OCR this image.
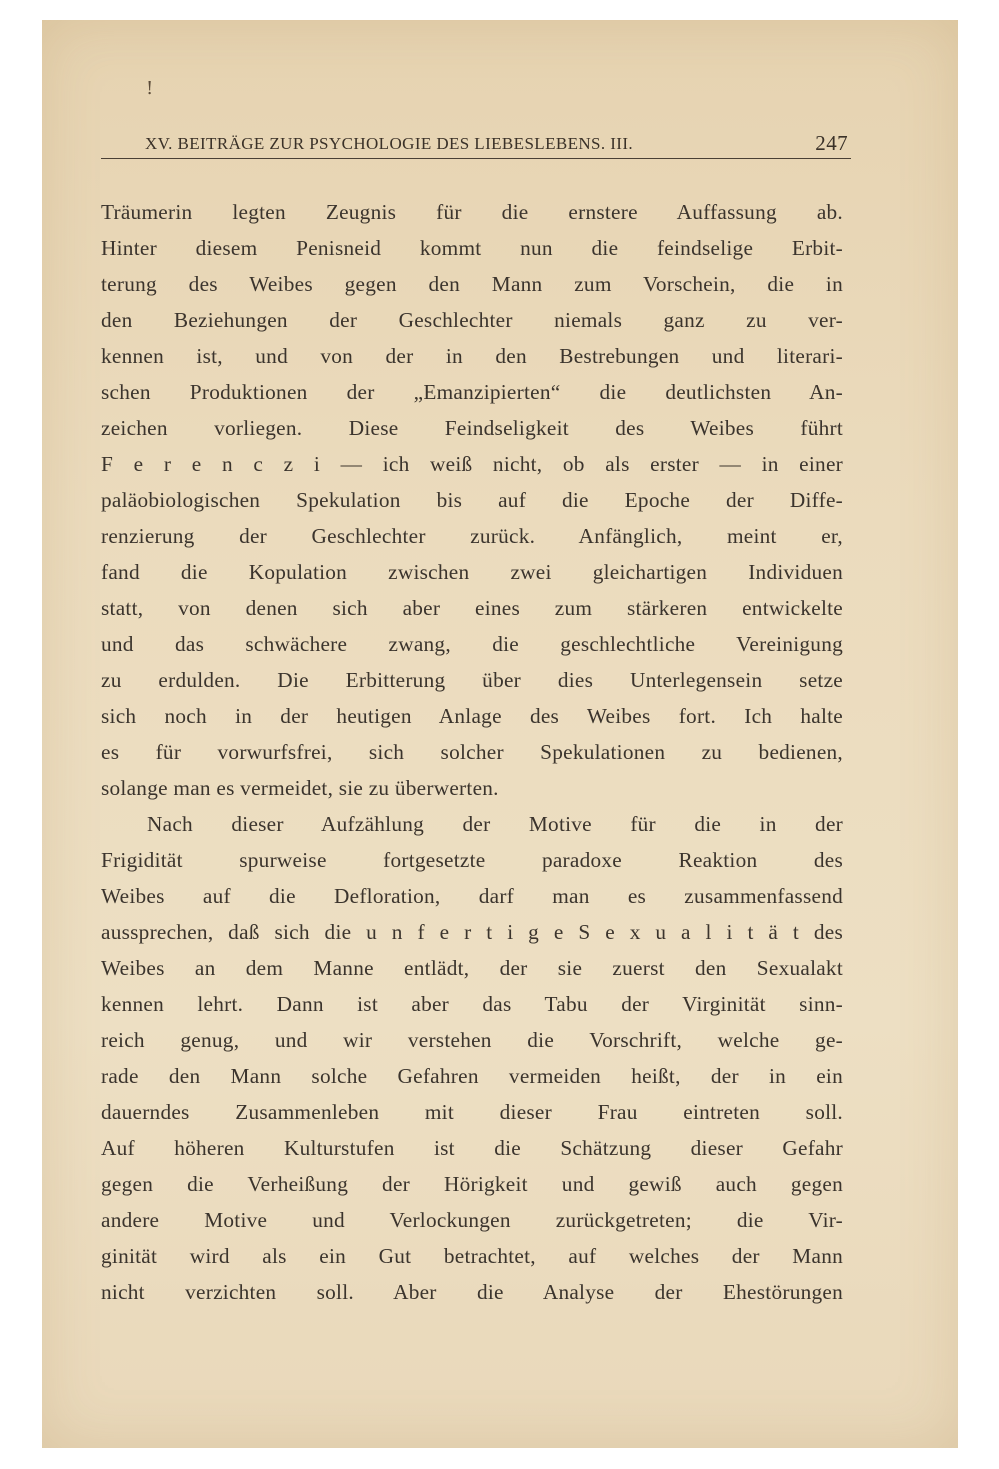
!
XV. BEITRÄGE ZUR PSYCHOLOGIE DES LIEBESLEBENS. III.	247
Träumerin legten Zeugnis für die ernstere Auffassung ab.
Hinter diesem Penisneid kommt nun die feindselige Erbit-
terung des Weibes gegen den Mann zum Vorschein, die in
den Beziehungen der Geschlechter niemals ganz zu ver-
kennen ist, und von der in den Bestrebungen und literari-
schen Produktionen der „Emanzipierten“ die deutlichsten An-
zeichen vorliegen. Diese Feindseligkeit des Weibes führt
F e r e n c z i — ich weiß nicht, ob als erster — in einer
paläobiologischen Spekulation bis auf die Epoche der Diffe-
renzierung der Geschlechter zurück. Anfänglich, meint er,
fand die Kopulation zwischen zwei gleichartigen Individuen
statt, von denen sich aber eines zum stärkeren entwickelte
und das schwächere zwang, die geschlechtliche Vereinigung
zu erdulden. Die Erbitterung über dies Unterlegensein setze
sich noch in der heutigen Anlage des Weibes fort. Ich halte
es für vorwurfsfrei, sich solcher Spekulationen zu bedienen,
solange man es vermeidet, sie zu überwerten.
Nach dieser Aufzählung der Motive für die in der
Frigidität spurweise fortgesetzte paradoxe Reaktion des
Weibes auf die Defloration, darf man es zusammenfassend
aussprechen, daß sich die u n f e r t i g e S e x u a l i t ä t des
Weibes an dem Manne entlädt, der sie zuerst den Sexualakt
kennen lehrt. Dann ist aber das Tabu der Virginität sinn-
reich genug, und wir verstehen die Vorschrift, welche ge-
rade den Mann solche Gefahren vermeiden heißt, der in ein
dauerndes Zusammenleben mit dieser Frau eintreten soll.
Auf höheren Kulturstufen ist die Schätzung dieser Gefahr
gegen die Verheißung der Hörigkeit und gewiß auch gegen
andere Motive und Verlockungen zurückgetreten; die Vir-
ginität wird als ein Gut betrachtet, auf welches der Mann
nicht verzichten soll. Aber die Analyse der Ehestörungen
